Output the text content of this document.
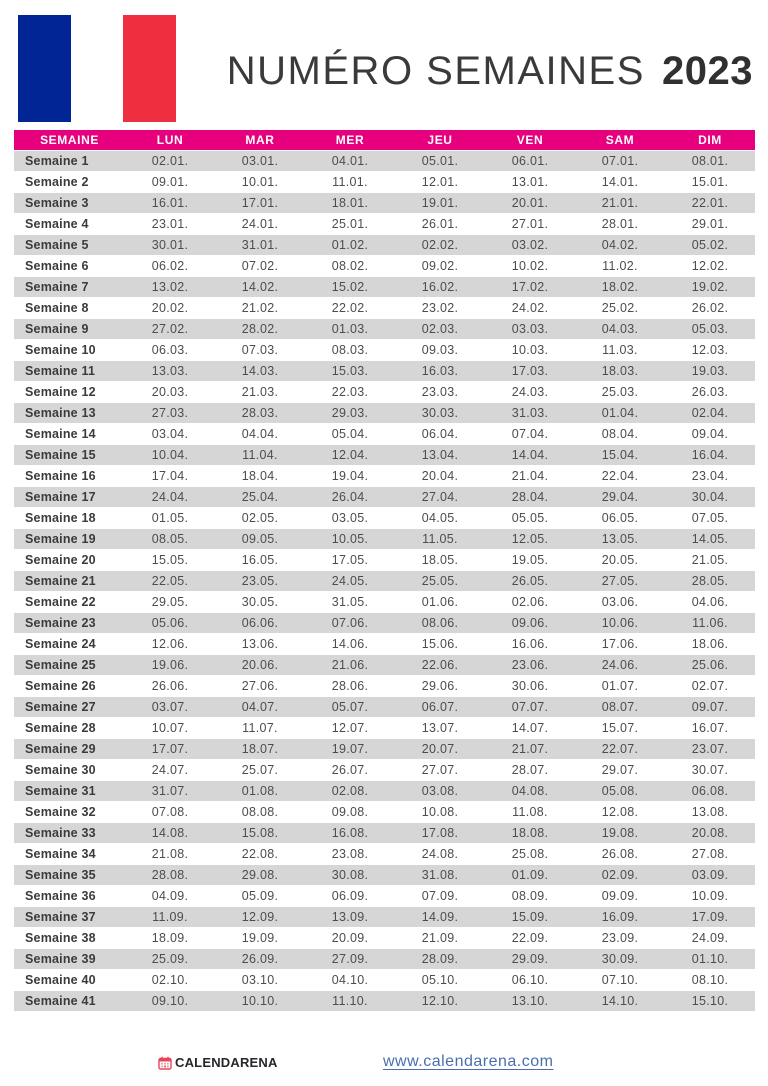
NUMÉRO SEMAINES 2023
SEMAINE	LUN	MAR	MER	JEU	VEN	SAM	DIM
Semaine 1	02.01.	03.01.	04.01.	05.01.	06.01.	07.01.	08.01.
Semaine 2	09.01.	10.01.	11.01.	12.01.	13.01.	14.01.	15.01.
Semaine 3	16.01.	17.01.	18.01.	19.01.	20.01.	21.01.	22.01.
Semaine 4	23.01.	24.01.	25.01.	26.01.	27.01.	28.01.	29.01.
Semaine 5	30.01.	31.01.	01.02.	02.02.	03.02.	04.02.	05.02.
Semaine 6	06.02.	07.02.	08.02.	09.02.	10.02.	11.02.	12.02.
Semaine 7	13.02.	14.02.	15.02.	16.02.	17.02.	18.02.	19.02.
Semaine 8	20.02.	21.02.	22.02.	23.02.	24.02.	25.02.	26.02.
Semaine 9	27.02.	28.02.	01.03.	02.03.	03.03.	04.03.	05.03.
Semaine 10	06.03.	07.03.	08.03.	09.03.	10.03.	11.03.	12.03.
Semaine 11	13.03.	14.03.	15.03.	16.03.	17.03.	18.03.	19.03.
Semaine 12	20.03.	21.03.	22.03.	23.03.	24.03.	25.03.	26.03.
Semaine 13	27.03.	28.03.	29.03.	30.03.	31.03.	01.04.	02.04.
Semaine 14	03.04.	04.04.	05.04.	06.04.	07.04.	08.04.	09.04.
Semaine 15	10.04.	11.04.	12.04.	13.04.	14.04.	15.04.	16.04.
Semaine 16	17.04.	18.04.	19.04.	20.04.	21.04.	22.04.	23.04.
Semaine 17	24.04.	25.04.	26.04.	27.04.	28.04.	29.04.	30.04.
Semaine 18	01.05.	02.05.	03.05.	04.05.	05.05.	06.05.	07.05.
Semaine 19	08.05.	09.05.	10.05.	11.05.	12.05.	13.05.	14.05.
Semaine 20	15.05.	16.05.	17.05.	18.05.	19.05.	20.05.	21.05.
Semaine 21	22.05.	23.05.	24.05.	25.05.	26.05.	27.05.	28.05.
Semaine 22	29.05.	30.05.	31.05.	01.06.	02.06.	03.06.	04.06.
Semaine 23	05.06.	06.06.	07.06.	08.06.	09.06.	10.06.	11.06.
Semaine 24	12.06.	13.06.	14.06.	15.06.	16.06.	17.06.	18.06.
Semaine 25	19.06.	20.06.	21.06.	22.06.	23.06.	24.06.	25.06.
Semaine 26	26.06.	27.06.	28.06.	29.06.	30.06.	01.07.	02.07.
Semaine 27	03.07.	04.07.	05.07.	06.07.	07.07.	08.07.	09.07.
Semaine 28	10.07.	11.07.	12.07.	13.07.	14.07.	15.07.	16.07.
Semaine 29	17.07.	18.07.	19.07.	20.07.	21.07.	22.07.	23.07.
Semaine 30	24.07.	25.07.	26.07.	27.07.	28.07.	29.07.	30.07.
Semaine 31	31.07.	01.08.	02.08.	03.08.	04.08.	05.08.	06.08.
Semaine 32	07.08.	08.08.	09.08.	10.08.	11.08.	12.08.	13.08.
Semaine 33	14.08.	15.08.	16.08.	17.08.	18.08.	19.08.	20.08.
Semaine 34	21.08.	22.08.	23.08.	24.08.	25.08.	26.08.	27.08.
Semaine 35	28.08.	29.08.	30.08.	31.08.	01.09.	02.09.	03.09.
Semaine 36	04.09.	05.09.	06.09.	07.09.	08.09.	09.09.	10.09.
Semaine 37	11.09.	12.09.	13.09.	14.09.	15.09.	16.09.	17.09.
Semaine 38	18.09.	19.09.	20.09.	21.09.	22.09.	23.09.	24.09.
Semaine 39	25.09.	26.09.	27.09.	28.09.	29.09.	30.09.	01.10.
Semaine 40	02.10.	03.10.	04.10.	05.10.	06.10.	07.10.	08.10.
Semaine 41	09.10.	10.10.	11.10.	12.10.	13.10.	14.10.	15.10.
CALENDARENA	www.calendarena.com
